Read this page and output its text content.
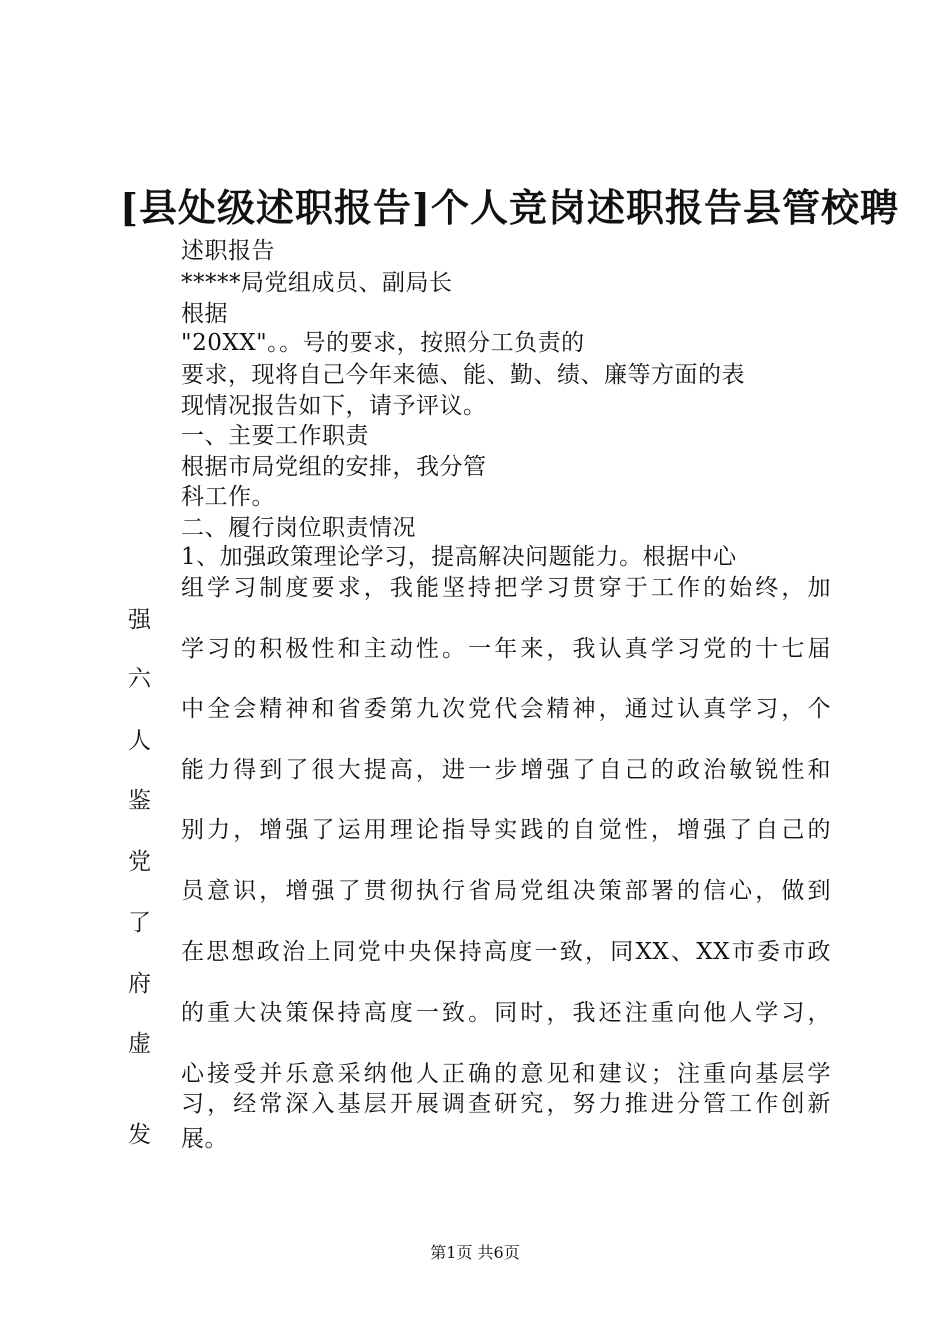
[县处级述职报告]个人竞岗述职报告县管校聘
述职报告
*****局党组成员、副局长
根据
"20XX"。。号的要求，按照分工负责的
要求，现将自己今年来德、能、勤、绩、廉等方面的表
现情况报告如下，请予评议。
一、主要工作职责
根据市局党组的安排，我分管
科工作。
二、履行岗位职责情况
1、加强政策理论学习，提高解决问题能力。根据中心
组学习制度要求，我能坚持把学习贯穿于工作的始终，加
学习的积极性和主动性。一年来，我认真学习党的十七届
中全会精神和省委第九次党代会精神，通过认真学习，个
能力得到了很大提高，进一步增强了自己的政治敏锐性和
别力，增强了运用理论指导实践的自觉性，增强了自己的
员意识，增强了贯彻执行省局党组决策部署的信心，做到
在思想政治上同党中央保持高度一致，同XX、XX市委市政
的重大决策保持高度一致。同时，我还注重向他人学习，
心接受并乐意采纳他人正确的意见和建议；注重向基层学
习，经常深入基层开展调查研究，努力推进分管工作创新
展。
强
六
人
鉴
党
了
府
虚
发
第1页 共6页
